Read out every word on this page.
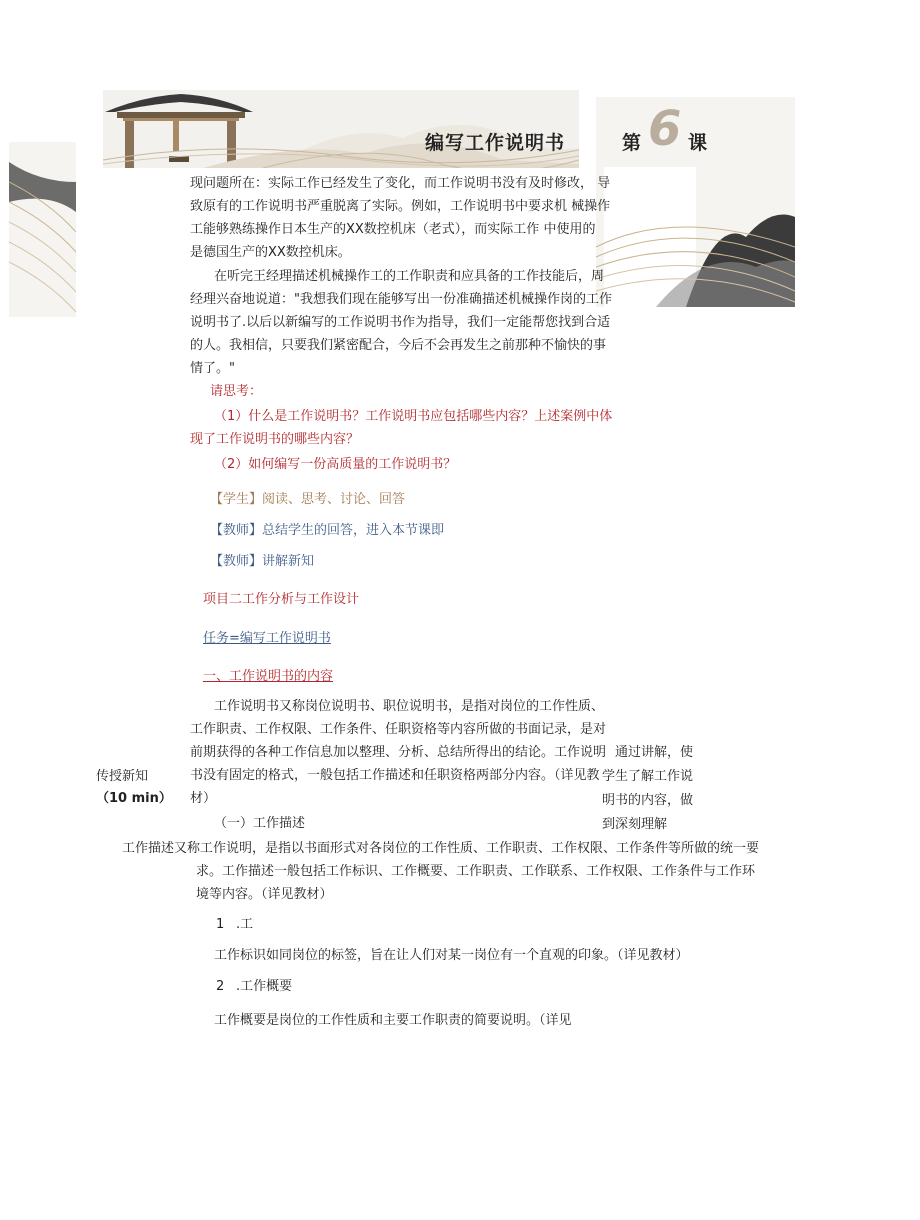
编写工作说明书	第 6 课
现问题所在：实际工作已经发生了变化，而工作说明书没有及时修改， 导
致原有的工作说明书严重脱离了实际。例如，工作说明书中要求机 械操作
工能够熟练操作日本生产的XX数控机床（老式），而实际工作 中使用的
是德国生产的XX数控机床。
在听完王经理描述机械操作工的工作职责和应具备的工作技能后，周
经理兴奋地说道："我想我们现在能够写出一份准确描述机械操作岗的工作
说明书了.以后以新编写的工作说明书作为指导，我们一定能帮您找到合适
的人。我相信，只要我们紧密配合，今后不会再发生之前那种不愉快的事
情了。"
请思考：
（1）什么是工作说明书？工作说明书应包括哪些内容？上述案例中体
现了工作说明书的哪些内容？
（2）如何编写一份高质量的工作说明书？
【学生】阅读、思考、讨论、回答
【教师】总结学生的回答，进入本节课即
【教师】讲解新知
项目二工作分析与工作设计
任务=编写工作说明书
一、工作说明书的内容
工作说明书又称岗位说明书、职位说明书，是指对岗位的工作性质、
工作职责、工作权限、工作条件、任职资格等内容所做的书面记录，是对
前期获得的各种工作信息加以整理、分析、总结所得出的结论。工作说明
书没有固定的格式，一般包括工作描述和任职资格两部分内容。（详见教
材）
传授新知
（10 min）
通过讲解，使
学生了解工作说
明书的内容，做
到深刻理解
（一）工作描述
工作描述又称工作说明，是指以书面形式对各岗位的工作性质、工作职责、工作权限、工作条件等所做的统一要
求。工作描述一般包括工作标识、工作概要、工作职责、工作联系、工作权限、工作条件与工作环
境等内容。（详见教材）
1 .工
工作标识如同岗位的标签，旨在让人们对某一岗位有一个直观的印象。（详见教材）
2 .工作概要
工作概要是岗位的工作性质和主要工作职责的简要说明。（详见
